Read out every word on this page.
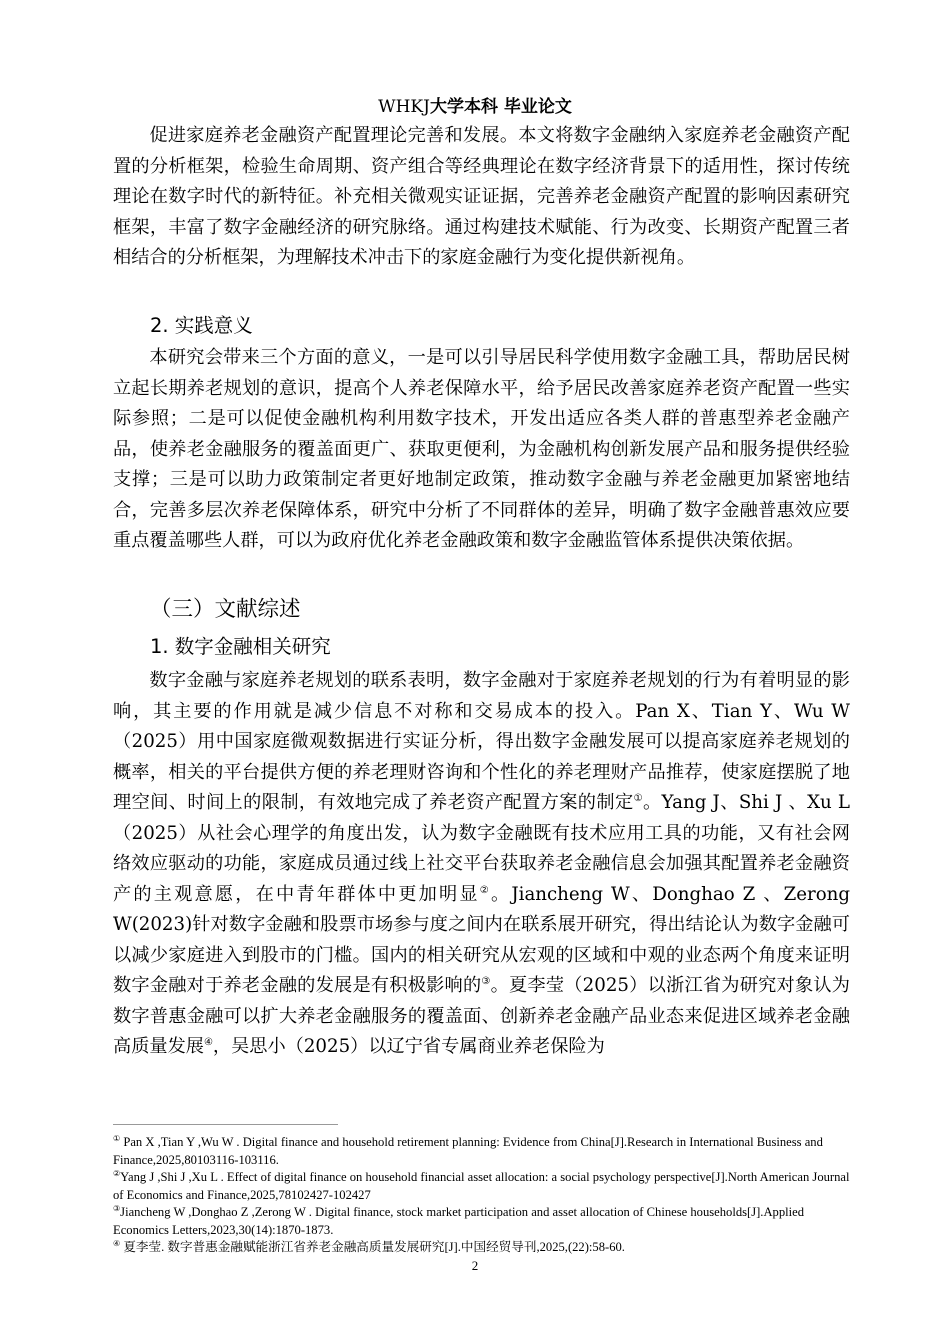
WHKJ大学本科 毕业论文

促进家庭养老金融资产配置理论完善和发展。本文将数字金融纳入家庭养老金融资产配置的分析框架，检验生命周期、资产组合等经典理论在数字经济背景下的适用性，探讨传统理论在数字时代的新特征。补充相关微观实证证据，完善养老金融资产配置的影响因素研究框架，丰富了数字金融经济的研究脉络。通过构建技术赋能、行为改变、长期资产配置三者相结合的分析框架，为理解技术冲击下的家庭金融行为变化提供新视角。

2. 实践意义

本研究会带来三个方面的意义，一是可以引导居民科学使用数字金融工具，帮助居民树立起长期养老规划的意识，提高个人养老保障水平，给予居民改善家庭养老资产配置一些实际参照；二是可以促使金融机构利用数字技术，开发出适应各类人群的普惠型养老金融产品，使养老金融服务的覆盖面更广、获取更便利，为金融机构创新发展产品和服务提供经验支撑；三是可以助力政策制定者更好地制定政策，推动数字金融与养老金融更加紧密地结合，完善多层次养老保障体系，研究中分析了不同群体的差异，明确了数字金融普惠效应要重点覆盖哪些人群，可以为政府优化养老金融政策和数字金融监管体系提供决策依据。

（三）文献综述

1. 数字金融相关研究

数字金融与家庭养老规划的联系表明，数字金融对于家庭养老规划的行为有着明显的影响，其主要的作用就是减少信息不对称和交易成本的投入。Pan X、Tian Y、Wu W（2025）用中国家庭微观数据进行实证分析，得出数字金融发展可以提高家庭养老规划的概率，相关的平台提供方便的养老理财咨询和个性化的养老理财产品推荐，使家庭摆脱了地理空间、时间上的限制，有效地完成了养老资产配置方案的制定①。Yang J、Shi J 、Xu L（2025）从社会心理学的角度出发，认为数字金融既有技术应用工具的功能，又有社会网络效应驱动的功能，家庭成员通过线上社交平台获取养老金融信息会加强其配置养老金融资产的主观意愿，在中青年群体中更加明显②。Jiancheng W、Donghao Z 、Zerong W(2023)针对数字金融和股票市场参与度之间内在联系展开研究，得出结论认为数字金融可以减少家庭进入到股市的门槛。国内的相关研究从宏观的区域和中观的业态两个角度来证明数字金融对于养老金融的发展是有积极影响的③。夏李莹（2025）以浙江省为研究对象认为数字普惠金融可以扩大养老金融服务的覆盖面、创新养老金融产品业态来促进区域养老金融高质量发展④，吴思小（2025）以辽宁省专属商业养老保险为

① Pan X ,Tian Y ,Wu W . Digital finance and household retirement planning: Evidence from China[J].Research in International Business and Finance,2025,80103116-103116.

②Yang J ,Shi J ,Xu L . Effect of digital finance on household financial asset allocation: a social psychology perspective[J].North American Journal of Economics and Finance,2025,78102427-102427

③Jiancheng W ,Donghao Z ,Zerong W . Digital finance, stock market participation and asset allocation of Chinese households[J].Applied Economics Letters,2023,30(14):1870-1873.

④ 夏李莹. 数字普惠金融赋能浙江省养老金融高质量发展研究[J].中国经贸导刊,2025,(22):58-60.

2
